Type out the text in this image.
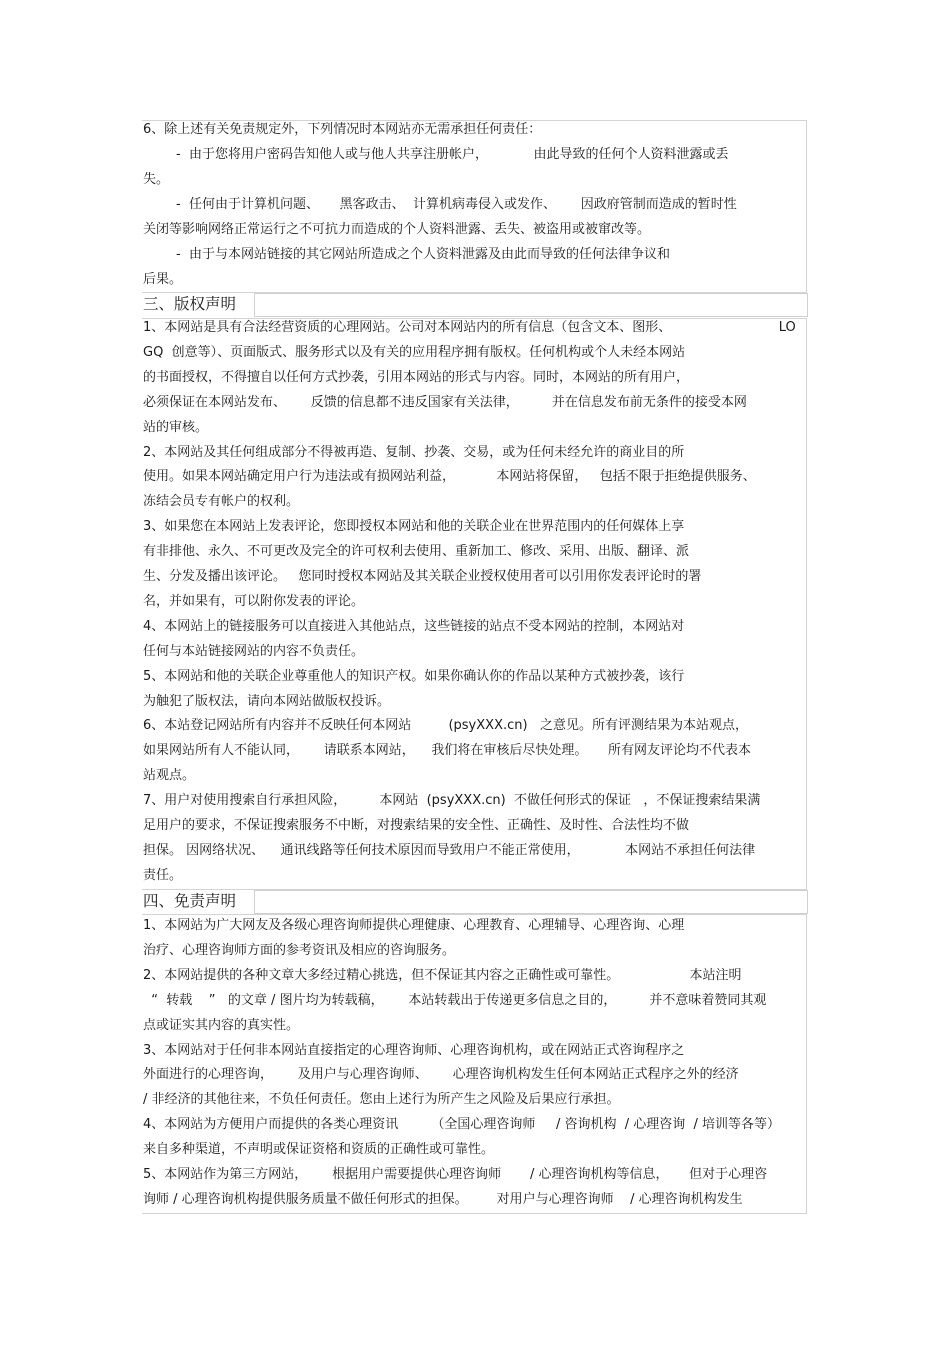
6、除上述有关免责规定外，下列情况时本网站亦无需承担任何责任：
-  由于您将用户密码告知他人或与他人共享注册帐户，           由此导致的任何个人资料泄露或丢
失。
-  任何由于计算机问题、     黑客政击、  计算机病毒侵入或发作、      因政府管制而造成的暂时性
关闭等影响网络正常运行之不可抗力而造成的个人资料泄露、丢失、被盗用或被窜改等。
-  由于与本网站链接的其它网站所造成之个人资料泄露及由此而导致的任何法律争议和
后果。
三、版权声明
1、本网站是具有合法经营资质的心理网站。公司对本网站内的所有信息（包含文本、图形、                          LO
GQ  创意等）、页面版式、服务形式以及有关的应用程序拥有版权。任何机构或个人未经本网站
的书面授权，不得擅自以任何方式抄袭，引用本网站的形式与内容。同时，本网站的所有用户，
必须保证在本网站发布、      反馈的信息都不违反国家有关法律，        并在信息发布前无条件的接受本网
站的审核。
2、本网站及其任何组成部分不得被再造、复制、抄袭、交易，或为任何未经允许的商业目的所
使用。如果本网站确定用户行为违法或有损网站利益，          本网站将保留，   包括不限于拒绝提供服务、
冻结会员专有帐户的权利。
3、如果您在本网站上发表评论，您即授权本网站和他的关联企业在世界范围内的任何媒体上享
有非排他、永久、不可更改及完全的许可权利去使用、重新加工、修改、采用、出版、翻译、派
生、分发及播出该评论。   您同时授权本网站及其关联企业授权使用者可以引用你发表评论时的署
名，并如果有，可以附你发表的评论。
4、本网站上的链接服务可以直接进入其他站点，这些链接的站点不受本网站的控制，本网站对
任何与本站链接网站的内容不负责任。
5、本网站和他的关联企业尊重他人的知识产权。如果你确认你的作品以某种方式被抄袭，该行
为触犯了版权法，请向本网站做版权投诉。
6、本站登记网站所有内容并不反映任何本网站         (psyXXX.cn)   之意见。所有评测结果为本站观点，
如果网站所有人不能认同，      请联系本网站，    我们将在审核后尽快处理。     所有网友评论均不代表本
站观点。
7、用户对使用搜索自行承担风险，        本网站  (psyXXX.cn)  不做任何形式的保证   ，不保证搜索结果满
足用户的要求，不保证搜索服务不中断，对搜索结果的安全性、正确性、及时性、合法性均不做
担保。 因网络状况、    通讯线路等任何技术原因而导致用户不能正常使用，           本网站不承担任何法律
责任。
四、免责声明
1、本网站为广大网友及各级心理咨询师提供心理健康、心理教育、心理辅导、心理咨询、心理
治疗、心理咨询师方面的参考资讯及相应的咨询服务。
2、本网站提供的各种文章大多经过精心挑选，但不保证其内容之正确性或可靠性。                 本站注明
“  转载    ”   的文章 / 图片均为转载稿，      本站转载出于传递更多信息之目的，        并不意味着赞同其观
点或证实其内容的真实性。
3、本网站对于任何非本网站直接指定的心理咨询师、心理咨询机构，或在网站正式咨询程序之
外面进行的心理咨询，      及用户与心理咨询师、      心理咨询机构发生任何本网站正式程序之外的经济
/ 非经济的其他往来，不负任何责任。您由上述行为所产生之风险及后果应行承担。
4、本网站为方便用户而提供的各类心理资讯        （全国心理咨询师     / 咨询机构  / 心理咨询  / 培训等各等）
来自多种渠道，不声明或保证资格和资质的正确性或可靠性。
5、本网站作为第三方网站，      根据用户需要提供心理咨询师       / 心理咨询机构等信息，     但对于心理咨
询师 / 心理咨询机构提供服务质量不做任何形式的担保。       对用户与心理咨询师    / 心理咨询机构发生
